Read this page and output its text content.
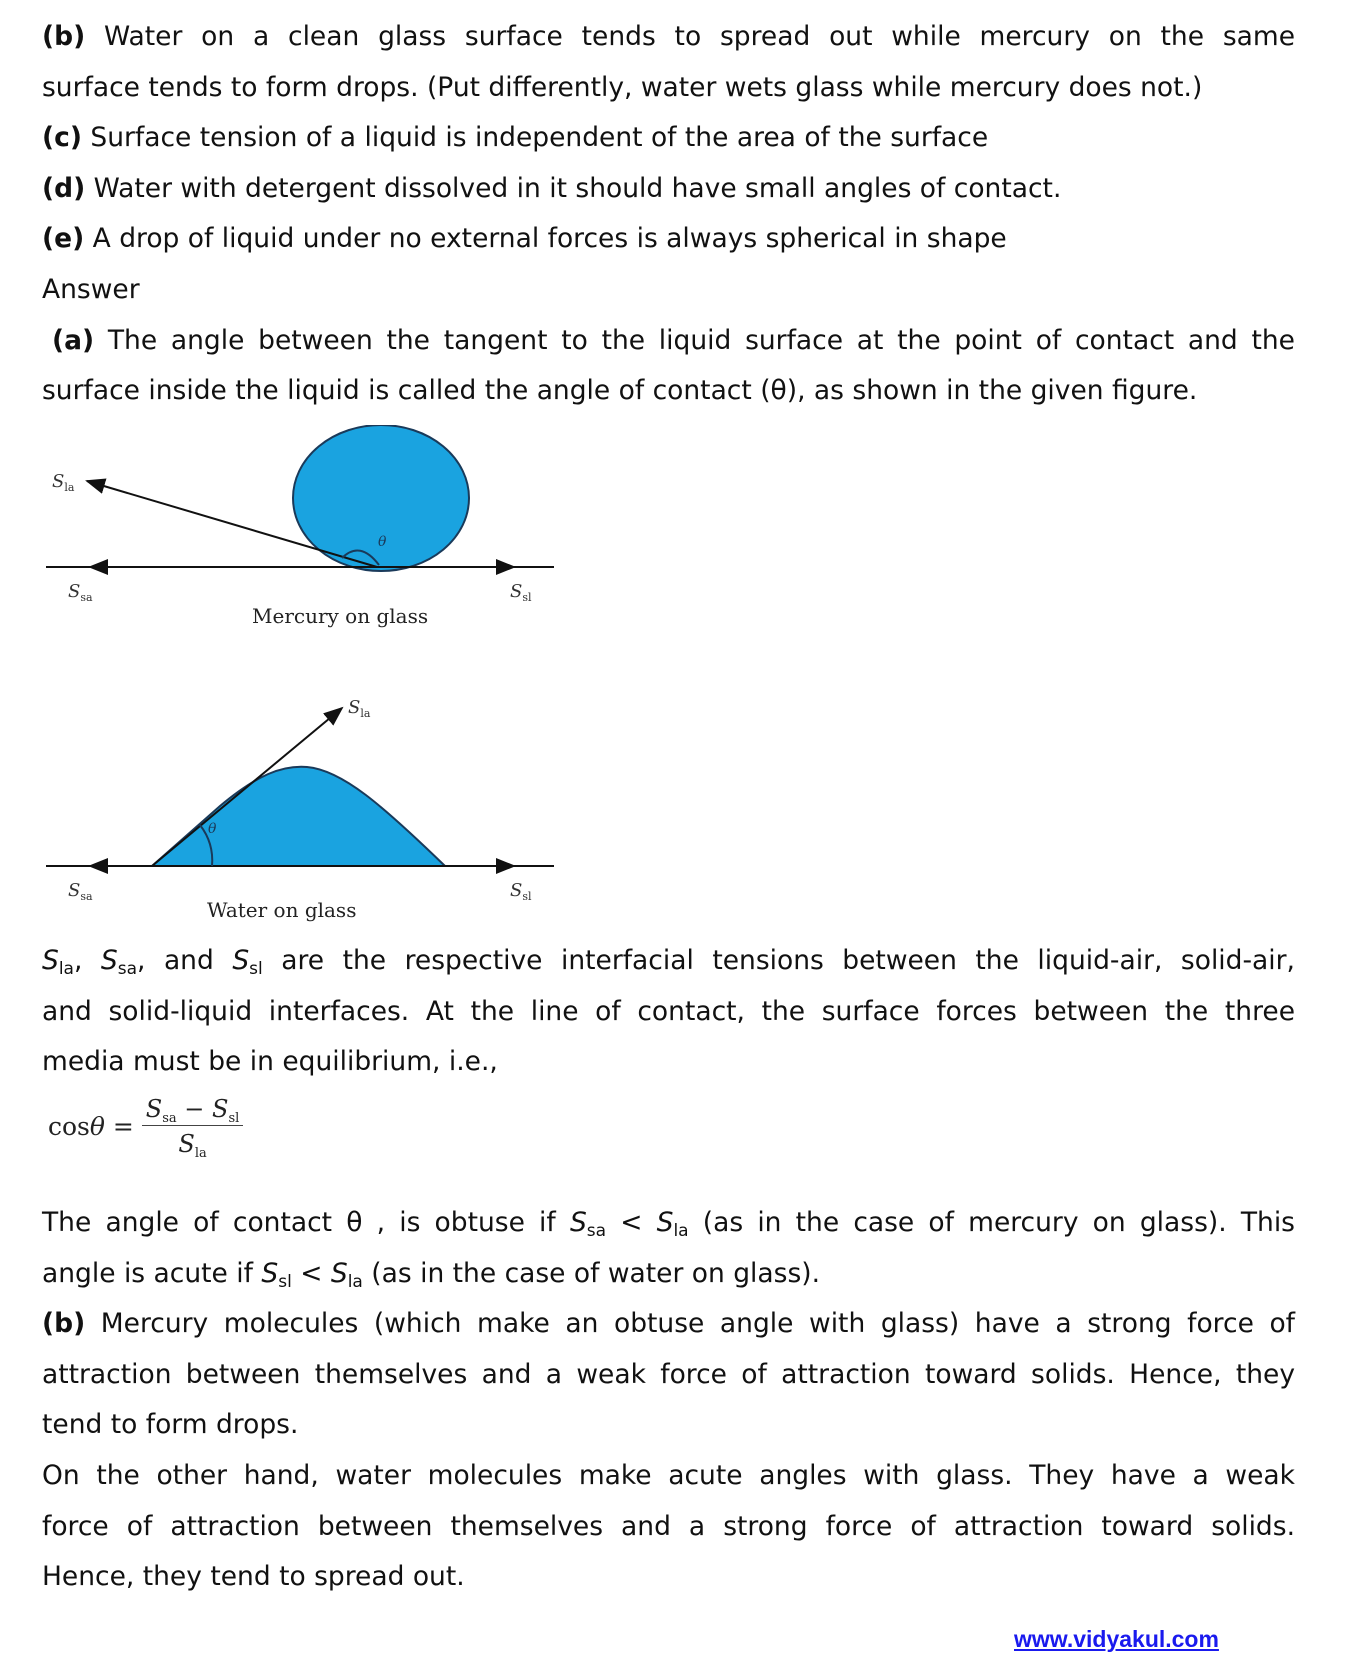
(b) Water on a clean glass surface tends to spread out while mercury on the same
surface tends to form drops. (Put differently, water wets glass while mercury does not.)
(c) Surface tension of a liquid is independent of the area of the surface
(d) Water with detergent dissolved in it should have small angles of contact.
(e) A drop of liquid under no external forces is always spherical in shape
Answer
(a) The angle between the tangent to the liquid surface at the point of contact and the
surface inside the liquid is called the angle of contact (θ), as shown in the given figure.
θ
$S_{la}$
$S_{sa}$	$S_{sl}$
Mercury on glass
θ
$S_{la}$
$S_{sa}$	$S_{sl}$
Water on glass
$S_{la}$, $S_{sa}$, and $S_{sl}$ are the respective interfacial tensions between the liquid-air, solid-air,
and solid-liquid interfaces. At the line of contact, the surface forces between the three
media must be in equilibrium, i.e.,
cosθ =
$S_{sa} - S_{sl}$
$S_{la}$
The angle of contact θ , is obtuse if $S_{sa} < S_{la}$ (as in the case of mercury on glass). This
angle is acute if $S_{sl} < S_{la}$ (as in the case of water on glass).
(b) Mercury molecules (which make an obtuse angle with glass) have a strong force of
attraction between themselves and a weak force of attraction toward solids. Hence, they
tend to form drops.
On the other hand, water molecules make acute angles with glass. They have a weak
force of attraction between themselves and a strong force of attraction toward solids.
Hence, they tend to spread out.
www.vidyakul.com
